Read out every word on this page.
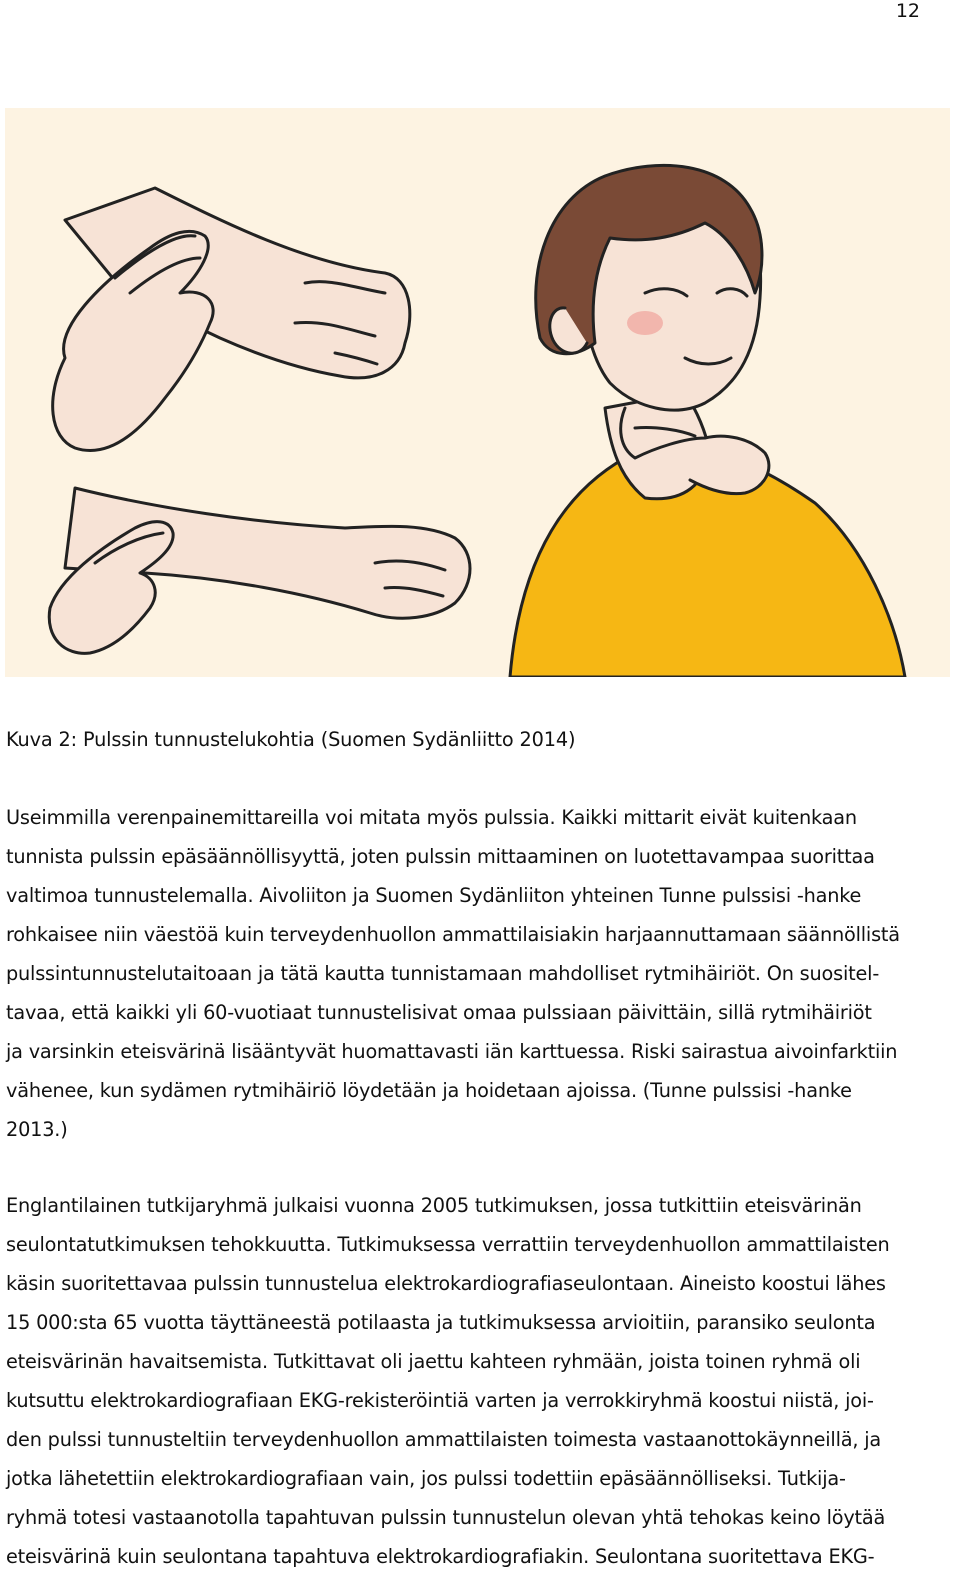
12
Kuva 2: Pulssin tunnustelukohtia (Suomen Sydänliitto 2014)
Useimmilla verenpainemittareilla voi mitata myös pulssia. Kaikki mittarit eivät kuitenkaan
tunnista pulssin epäsäännöllisyyttä, joten pulssin mittaaminen on luotettavampaa suorittaa
valtimoa tunnustelemalla. Aivoliiton ja Suomen Sydänliiton yhteinen Tunne pulssisi -hanke
rohkaisee niin väestöä kuin terveydenhuollon ammattilaisiakin harjaannuttamaan säännöllistä
pulssintunnustelutaitoaan ja tätä kautta tunnistamaan mahdolliset rytmihäiriöt. On suositel-
tavaa, että kaikki yli 60-vuotiaat tunnustelisivat omaa pulssiaan päivittäin, sillä rytmihäiriöt
ja varsinkin eteisvärinä lisääntyvät huomattavasti iän karttuessa. Riski sairastua aivoinfarktiin
vähenee, kun sydämen rytmihäiriö löydetään ja hoidetaan ajoissa. (Tunne pulssisi -hanke
2013.)
Englantilainen tutkijaryhmä julkaisi vuonna 2005 tutkimuksen, jossa tutkittiin eteisvärinän
seulontatutkimuksen tehokkuutta. Tutkimuksessa verrattiin terveydenhuollon ammattilaisten
käsin suoritettavaa pulssin tunnustelua elektrokardiografiaseulontaan. Aineisto koostui lähes
15 000:sta 65 vuotta täyttäneestä potilaasta ja tutkimuksessa arvioitiin, paransiko seulonta
eteisvärinän havaitsemista. Tutkittavat oli jaettu kahteen ryhmään, joista toinen ryhmä oli
kutsuttu elektrokardiografiaan EKG-rekisteröintiä varten ja verrokkiryhmä koostui niistä, joi-
den pulssi tunnusteltiin terveydenhuollon ammattilaisten toimesta vastaanottokäynneillä, ja
jotka lähetettiin elektrokardiografiaan vain, jos pulssi todettiin epäsäännölliseksi. Tutkija-
ryhmä totesi vastaanotolla tapahtuvan pulssin tunnustelun olevan yhtä tehokas keino löytää
eteisvärinä kuin seulontana tapahtuva elektrokardiografiakin. Seulontana suoritettava EKG-
